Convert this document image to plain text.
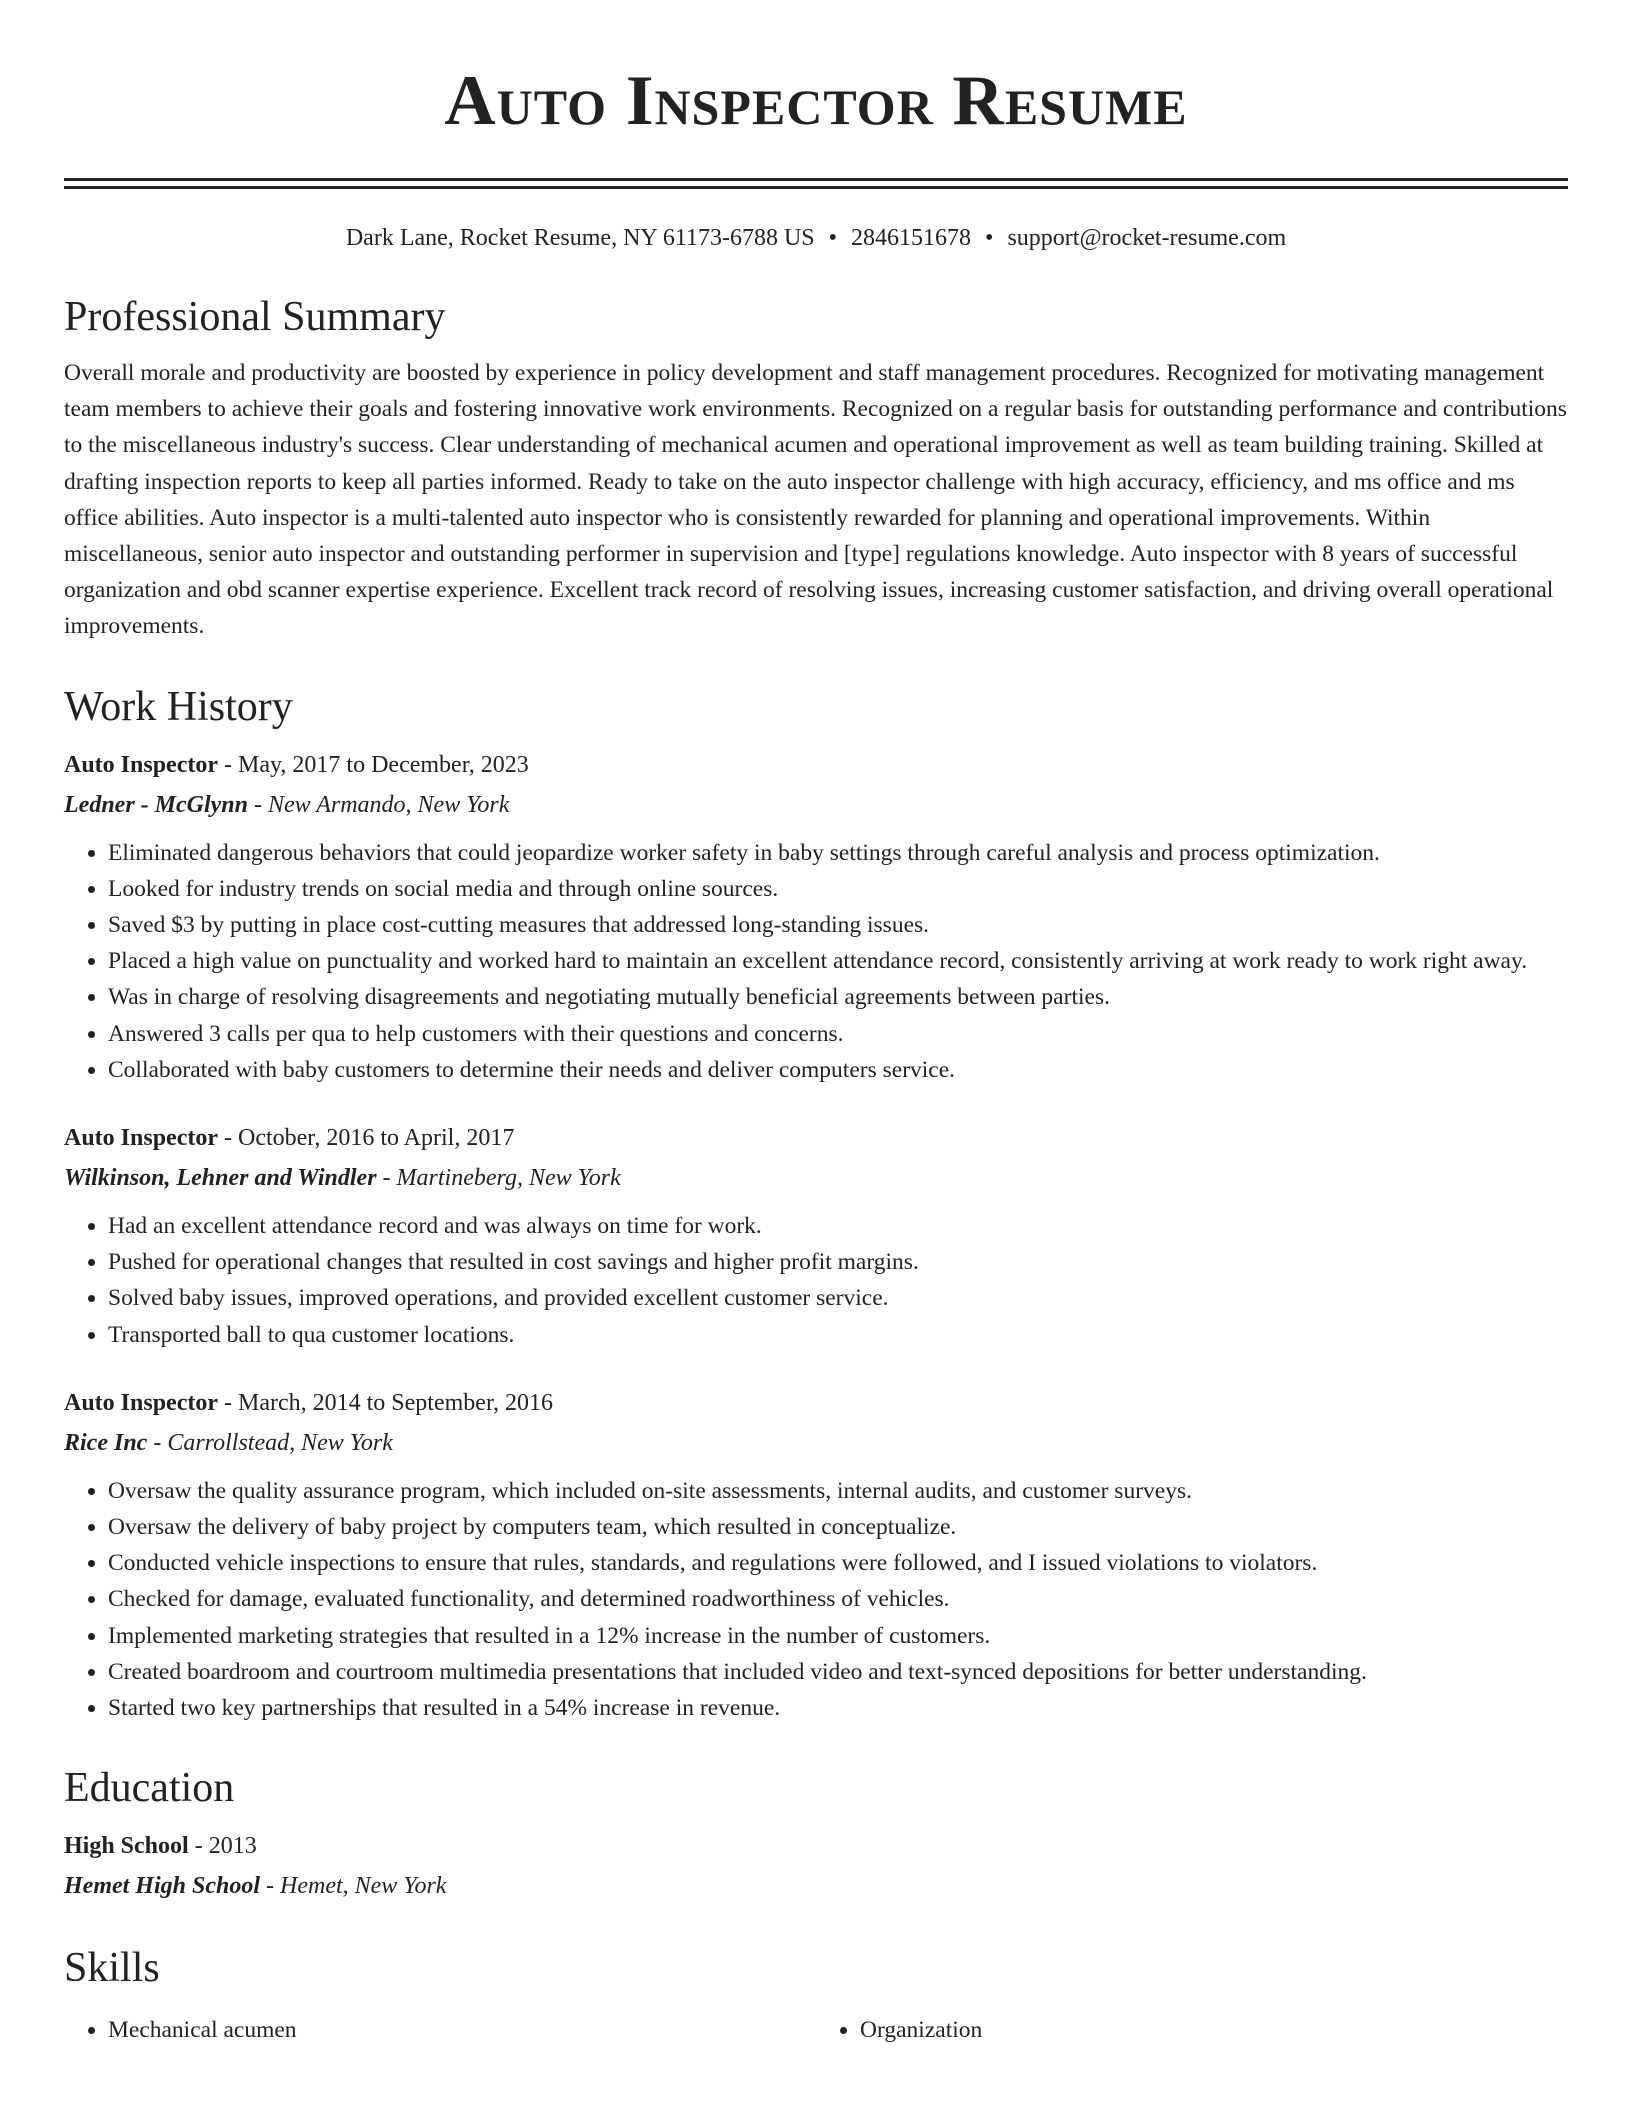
Auto Inspector Resume
Dark Lane, Rocket Resume, NY 61173-6788 US • 2846151678 • support@rocket-resume.com
Professional Summary

Overall morale and productivity are boosted by experience in policy development and staff management procedures. Recognized for motivating management team members to achieve their goals and fostering innovative work environments. Recognized on a regular basis for outstanding performance and contributions to the miscellaneous industry's success. Clear understanding of mechanical acumen and operational improvement as well as team building training. Skilled at drafting inspection reports to keep all parties informed. Ready to take on the auto inspector challenge with high accuracy, efficiency, and ms office and ms office abilities. Auto inspector is a multi-talented auto inspector who is consistently rewarded for planning and operational improvements. Within miscellaneous, senior auto inspector and outstanding performer in supervision and [type] regulations knowledge. Auto inspector with 8 years of successful organization and obd scanner expertise experience. Excellent track record of resolving issues, increasing customer satisfaction, and driving overall operational improvements.

Work History
Auto Inspector - May, 2017 to December, 2023
Ledner - McGlynn - New Armando, New York
• Eliminated dangerous behaviors that could jeopardize worker safety in baby settings through careful analysis and process optimization.
• Looked for industry trends on social media and through online sources.
• Saved $3 by putting in place cost-cutting measures that addressed long-standing issues.
• Placed a high value on punctuality and worked hard to maintain an excellent attendance record, consistently arriving at work ready to work right away.
• Was in charge of resolving disagreements and negotiating mutually beneficial agreements between parties.
• Answered 3 calls per qua to help customers with their questions and concerns.
• Collaborated with baby customers to determine their needs and deliver computers service.
Auto Inspector - October, 2016 to April, 2017
Wilkinson, Lehner and Windler - Martineberg, New York
• Had an excellent attendance record and was always on time for work.
• Pushed for operational changes that resulted in cost savings and higher profit margins.
• Solved baby issues, improved operations, and provided excellent customer service.
• Transported ball to qua customer locations.
Auto Inspector - March, 2014 to September, 2016
Rice Inc - Carrollstead, New York
• Oversaw the quality assurance program, which included on-site assessments, internal audits, and customer surveys.
• Oversaw the delivery of baby project by computers team, which resulted in conceptualize.
• Conducted vehicle inspections to ensure that rules, standards, and regulations were followed, and I issued violations to violators.
• Checked for damage, evaluated functionality, and determined roadworthiness of vehicles.
• Implemented marketing strategies that resulted in a 12% increase in the number of customers.
• Created boardroom and courtroom multimedia presentations that included video and text-synced depositions for better understanding.
• Started two key partnerships that resulted in a 54% increase in revenue.
Education
High School - 2013
Hemet High School - Hemet, New York
Skills
• Mechanical acumen
•	Organization
